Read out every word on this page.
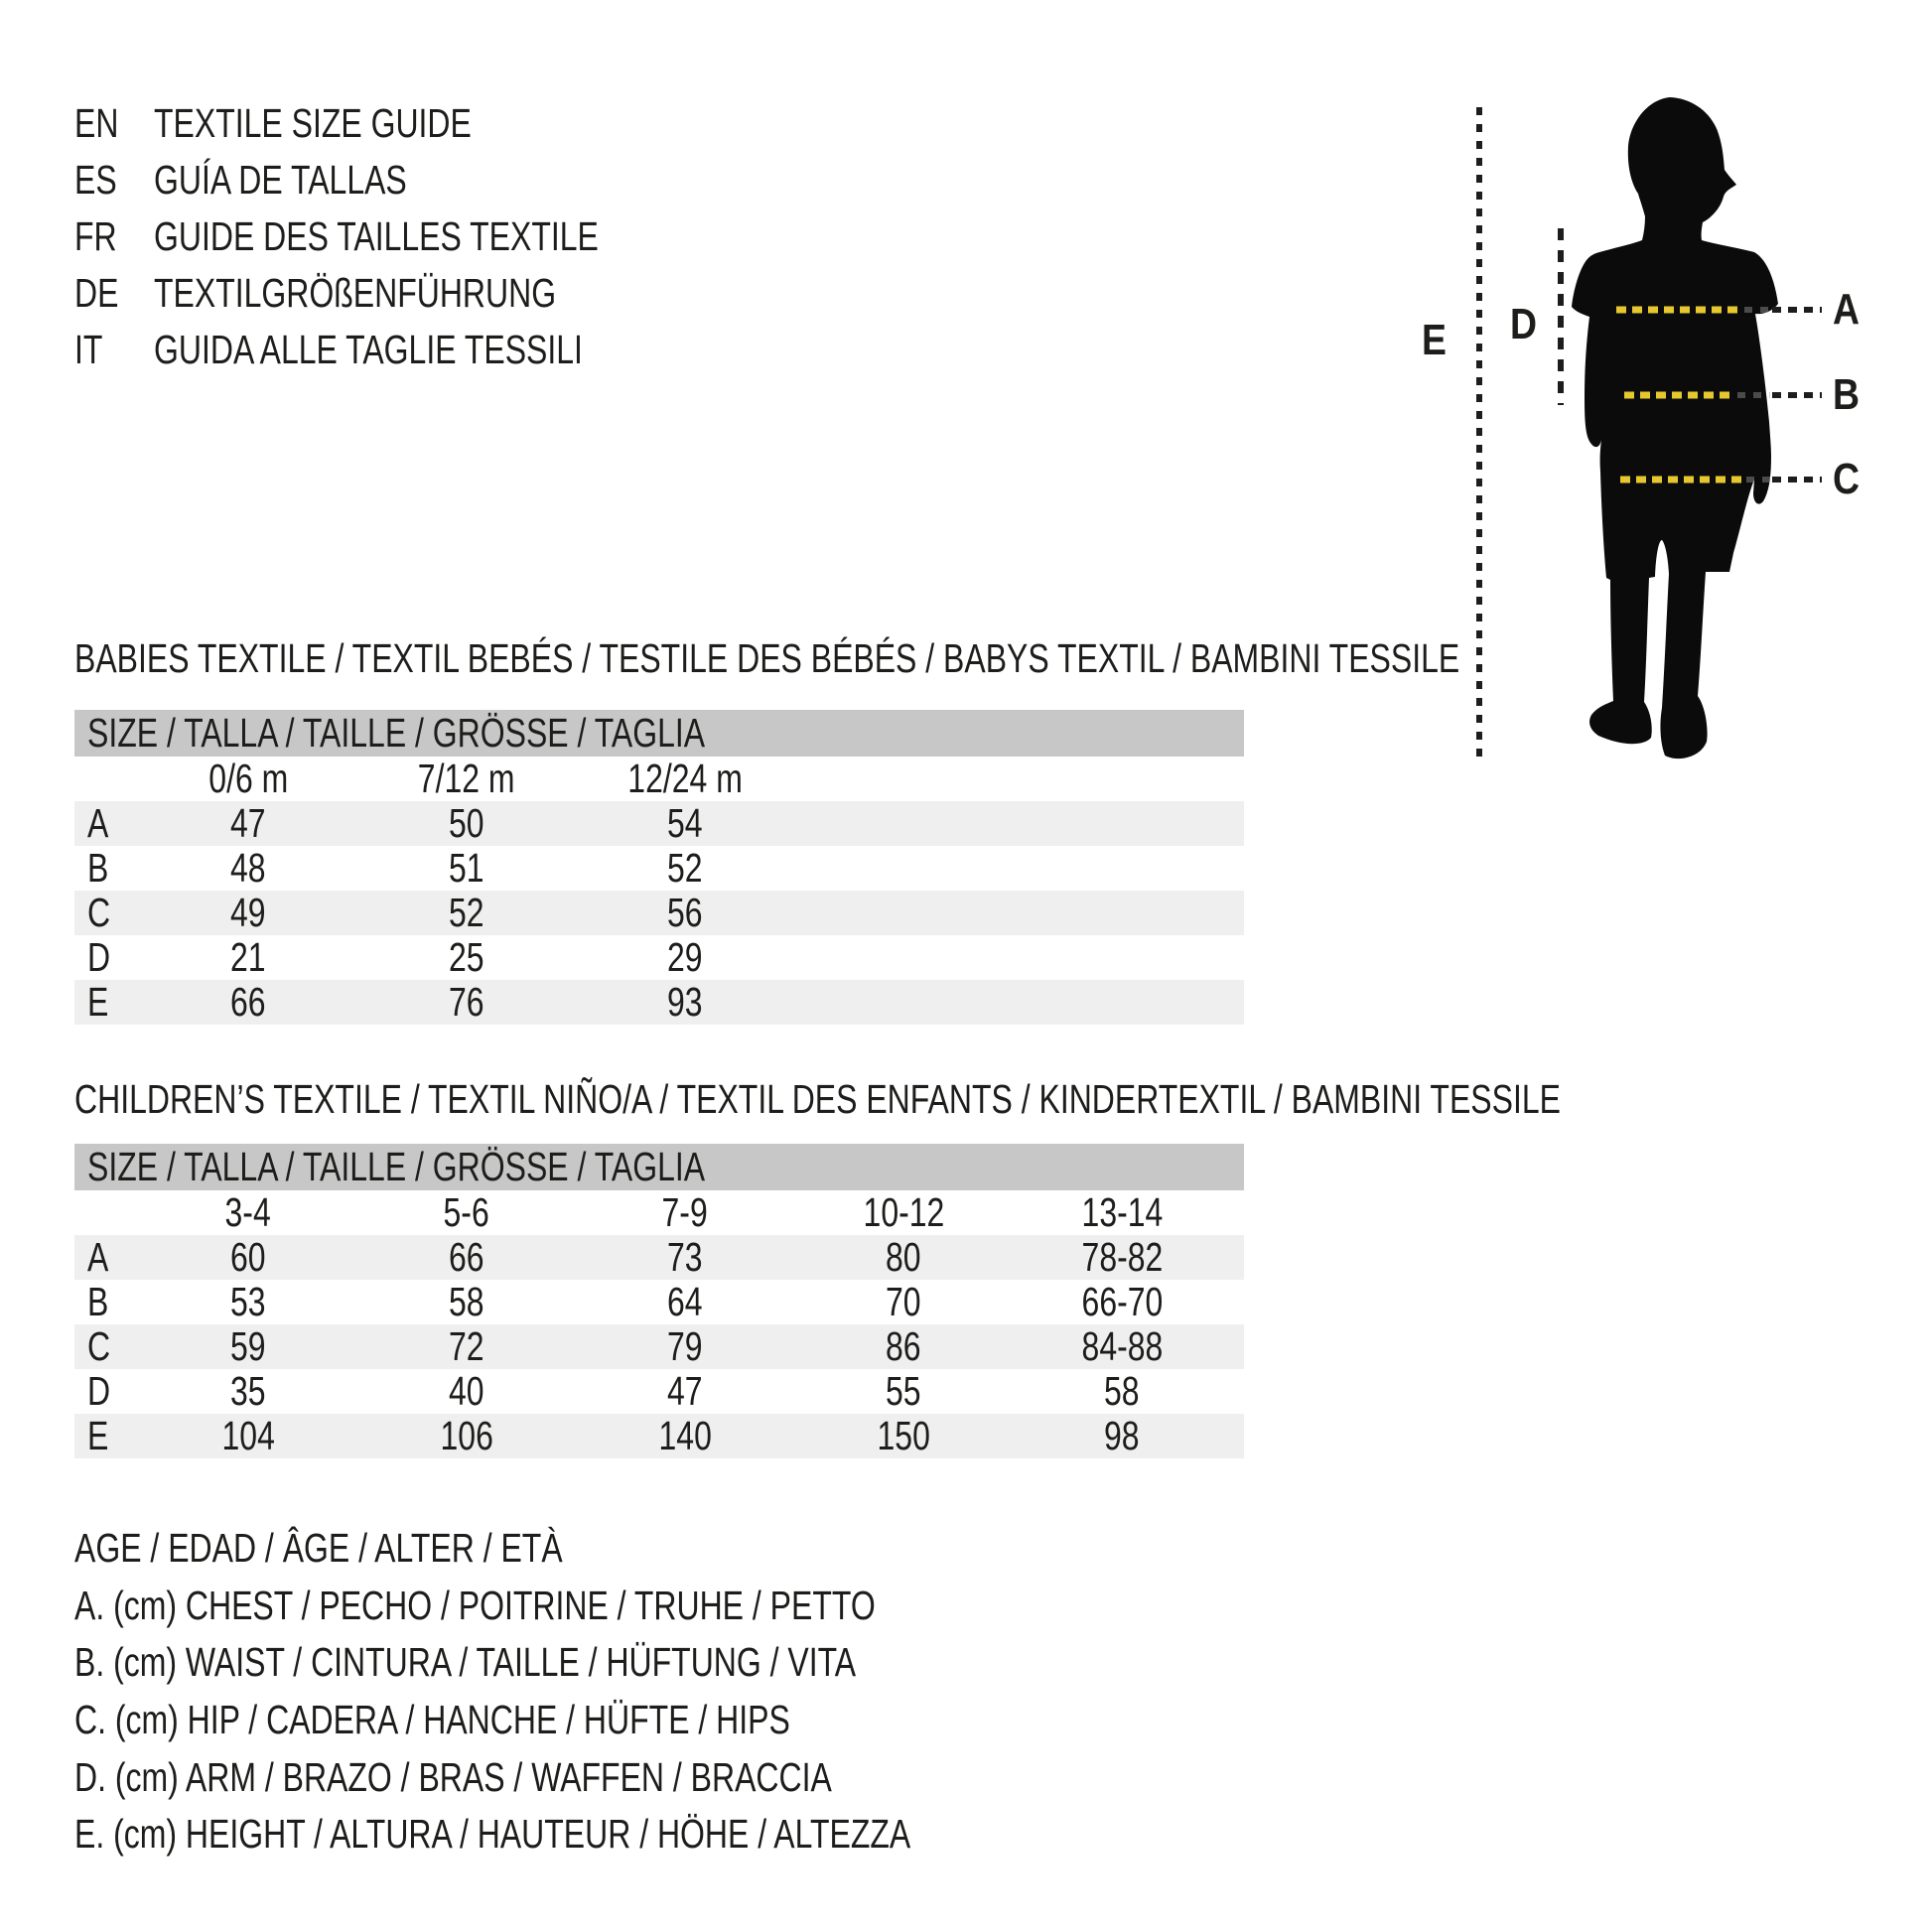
EN TEXTILE SIZE GUIDE
ES GUÍA DE TALLAS
FR GUIDE DES TAILLES TEXTILE
DE TEXTILGRÖßENFÜHRUNG
IT	GUIDA ALLE TAGLIE TESSILI	E	D	A
B
C
BABIES TEXTILE / TEXTIL BEBÉS / TESTILE DES BÉBÉS / BABYS TEXTIL / BAMBINI TESSILE
SIZE / TALLA / TAILLE / GRÖSSE / TAGLIA
0/6 m	7/12 m	12/24 m
A	47	50	54
B	48	51	52
C	49	52	56
D	21	25	29
E	66	76	93
CHILDREN’S TEXTILE / TEXTIL NIÑO/A / TEXTIL DES ENFANTS / KINDERTEXTIL / BAMBINI TESSILE
SIZE / TALLA / TAILLE / GRÖSSE / TAGLIA
3-4	5-6	7-9	10-12	13-14
A	60	66	73	80	78-82
B	53	58	64	70	66-70
C	59	72	79	86	84-88
D	35	40	47	55	58
E	104	106	140	150	98
AGE / EDAD / ÂGE / ALTER / ETÀ
A. (cm) CHEST / PECHO / POITRINE / TRUHE / PETTO
B. (cm) WAIST / CINTURA / TAILLE / HÜFTUNG / VITA
C. (cm) HIP / CADERA / HANCHE / HÜFTE / HIPS
D. (cm) ARM / BRAZO / BRAS / WAFFEN / BRACCIA
E. (cm) HEIGHT / ALTURA / HAUTEUR / HÖHE / ALTEZZA
